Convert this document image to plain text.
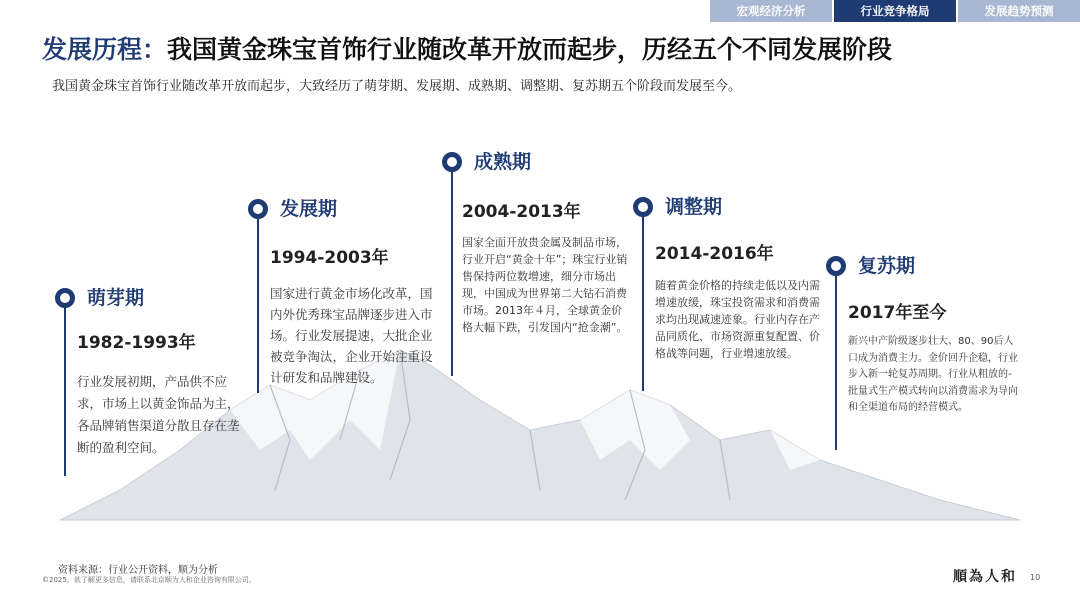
宏观经济分析	行业竞争格局	发展趋势预测
发展历程：我国黄金珠宝首饰行业随改革开放而起步，历经五个不同发展阶段
我国黄金珠宝首饰行业随改革开放而起步，大致经历了萌芽期、发展期、成熟期、调整期、复苏期五个阶段而发展至今。
萌芽期
1982-1993年
行业发展初期，产品供不应求，市场上以黄金饰品为主，各品牌销售渠道分散且存在垄断的盈利空间。
发展期
1994-2003年
国家进行黄金市场化改革，国内外优秀珠宝品牌逐步进入市场。行业发展提速，大批企业被竞争淘汰，企业开始注重设计研发和品牌建设。
成熟期
2004-2013年
国家全面开放贵金属及制品市场，行业开启“黄金十年”；珠宝行业销售保持两位数增速，细分市场出现，中国成为世界第二大钻石消费市场。2013年４月，全球黄金价格大幅下跌，引发国内“抢金潮”。
调整期
2014-2016年
随着黄金价格的持续走低以及内需增速放缓，珠宝投资需求和消费需求均出现减速迹象。行业内存在产品同质化、市场资源重复配置、价格战等问题，行业增速放缓。
复苏期
2017年至今
新兴中产阶级逐步壮大、80、90后人口成为消费主力。金价回升企稳，行业步入新一轮复苏周期。行业从粗放的-批量式生产模式转向以消费需求为导向和全渠道布局的经营模式。
资料来源：行业公开资料，顺为分析
©2025。欲了解更多信息，请联系北京顺为人和企业咨询有限公司。	順為人和 10
